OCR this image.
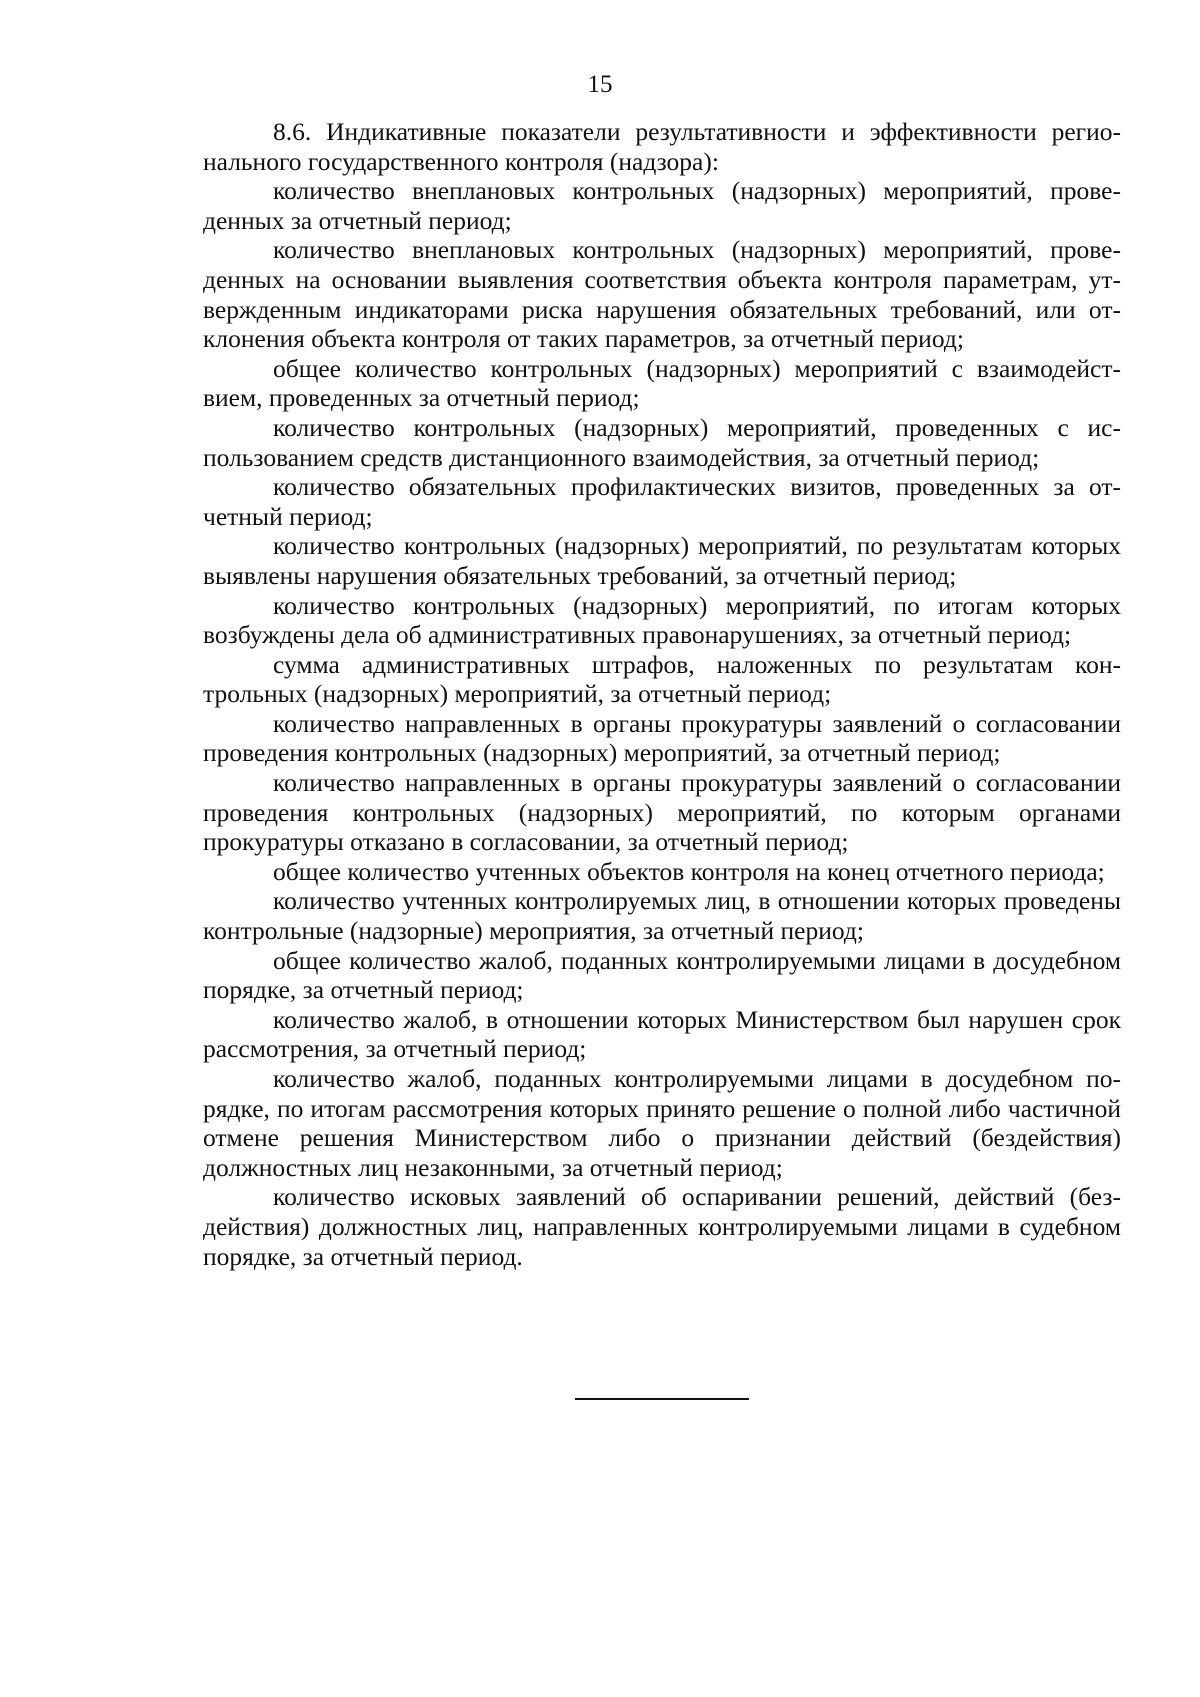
15

8.6. Индикативные показатели результативности и эффективности регионального государственного контроля (надзора):

количество внеплановых контрольных (надзорных) мероприятий, проведенных за отчетный период;

количество внеплановых контрольных (надзорных) мероприятий, проведенных на основании выявления соответствия объекта контроля параметрам, утвержденным индикаторами риска нарушения обязательных требований, или отклонения объекта контроля от таких параметров, за отчетный период;

общее количество контрольных (надзорных) мероприятий с взаимодействием, проведенных за отчетный период;

количество контрольных (надзорных) мероприятий, проведенных с использованием средств дистанционного взаимодействия, за отчетный период;

количество обязательных профилактических визитов, проведенных за отчетный период;

количество контрольных (надзорных) мероприятий, по результатам которых выявлены нарушения обязательных требований, за отчетный период;

количество контрольных (надзорных) мероприятий, по итогам которых возбуждены дела об административных правонарушениях, за отчетный период;

сумма административных штрафов, наложенных по результатам контрольных (надзорных) мероприятий, за отчетный период;

количество направленных в органы прокуратуры заявлений о согласовании проведения контрольных (надзорных) мероприятий, за отчетный период;

количество направленных в органы прокуратуры заявлений о согласовании проведения контрольных (надзорных) мероприятий, по которым органами прокуратуры отказано в согласовании, за отчетный период;

общее количество учтенных объектов контроля на конец отчетного периода;

количество учтенных контролируемых лиц, в отношении которых проведены контрольные (надзорные) мероприятия, за отчетный период;

общее количество жалоб, поданных контролируемыми лицами в досудебном порядке, за отчетный период;

количество жалоб, в отношении которых Министерством был нарушен срок рассмотрения, за отчетный период;

количество жалоб, поданных контролируемыми лицами в досудебном порядке, по итогам рассмотрения которых принято решение о полной либо частичной отмене решения Министерством либо о признании действий (бездействия) должностных лиц незаконными, за отчетный период;

количество исковых заявлений об оспаривании решений, действий (бездействия) должностных лиц, направленных контролируемыми лицами в судебном порядке, за отчетный период.
